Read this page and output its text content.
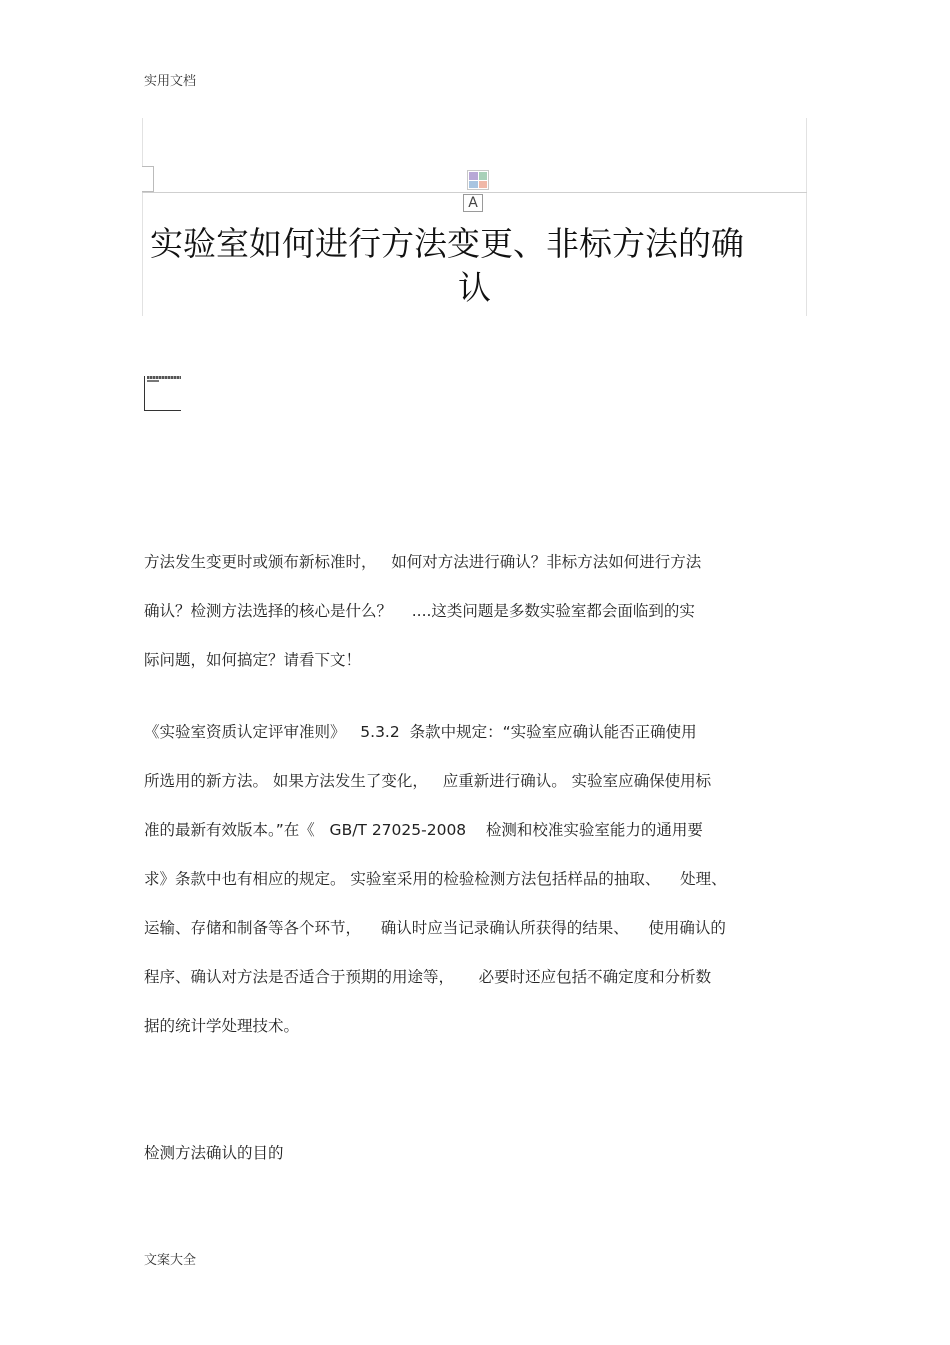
实用文档
A
实验室如何进行方法变更、非标方法的确
认
方法发生变更时或颁布新标准时，   如何对方法进行确认？非标方法如何进行方法
确认？检测方法选择的核心是什么？    ....这类问题是多数实验室都会面临到的实
际问题，如何搞定？请看下文！
《实验室资质认定评审准则》   5.3.2  条款中规定：“实验室应确认能否正确使用
所选用的新方法。 如果方法发生了变化，   应重新进行确认。 实验室应确保使用标
准的最新有效版本。”在《   GB/T 27025-2008    检测和校准实验室能力的通用要
求》条款中也有相应的规定。 实验室采用的检验检测方法包括样品的抽取、    处理、
运输、存储和制备等各个环节，    确认时应当记录确认所获得的结果、    使用确认的
程序、确认对方法是否适合于预期的用途等，     必要时还应包括不确定度和分析数
据的统计学处理技术。
检测方法确认的目的
文案大全
